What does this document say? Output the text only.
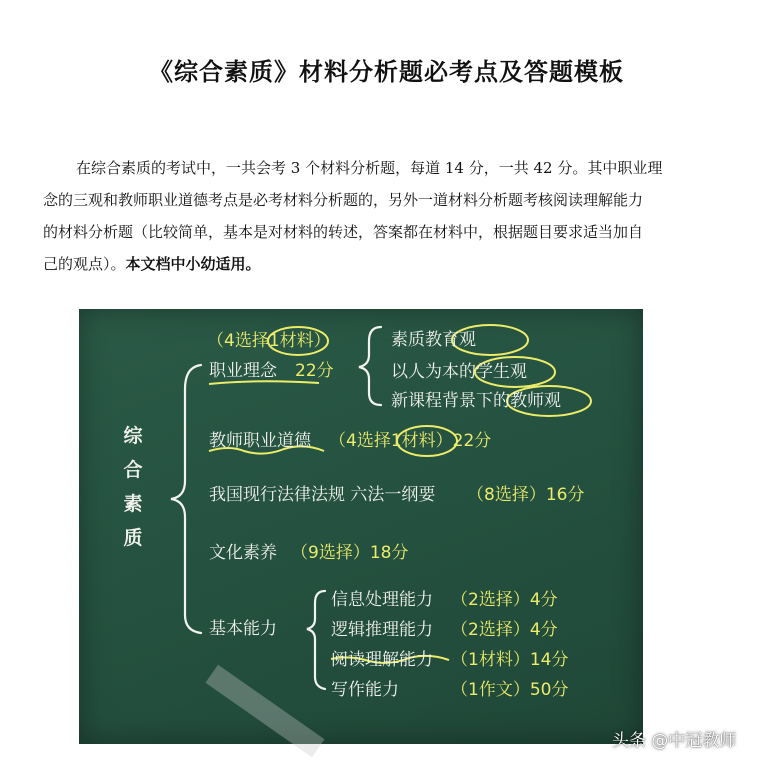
《综合素质》材料分析题必考点及答题模板
在综合素质的考试中，一共会考 3 个材料分析题，每道 14 分，一共 42 分。其中职业理
念的三观和教师职业道德考点是必考材料分析题的，另外一道材料分析题考核阅读理解能力
的材料分析题（比较简单，基本是对材料的转述，答案都在材料中，根据题目要求适当加自
己的观点）。本文档中小幼适用。
综
合
素
质
（4选择1材料）
职业理念 22分
素质教育观
以人为本的学生观
新课程背景下的教师观
教师职业道德 （4选择1材料）22分
我国现行法律法规 六法一纲要 （8选择）16分
文化素养 （9选择）18分
基本能力
信息处理能力 （2选择）4分
逻辑推理能力 （2选择）4分
阅读理解能力 （1材料）14分
写作能力	（1作文）50分
头条 @中冠教师
